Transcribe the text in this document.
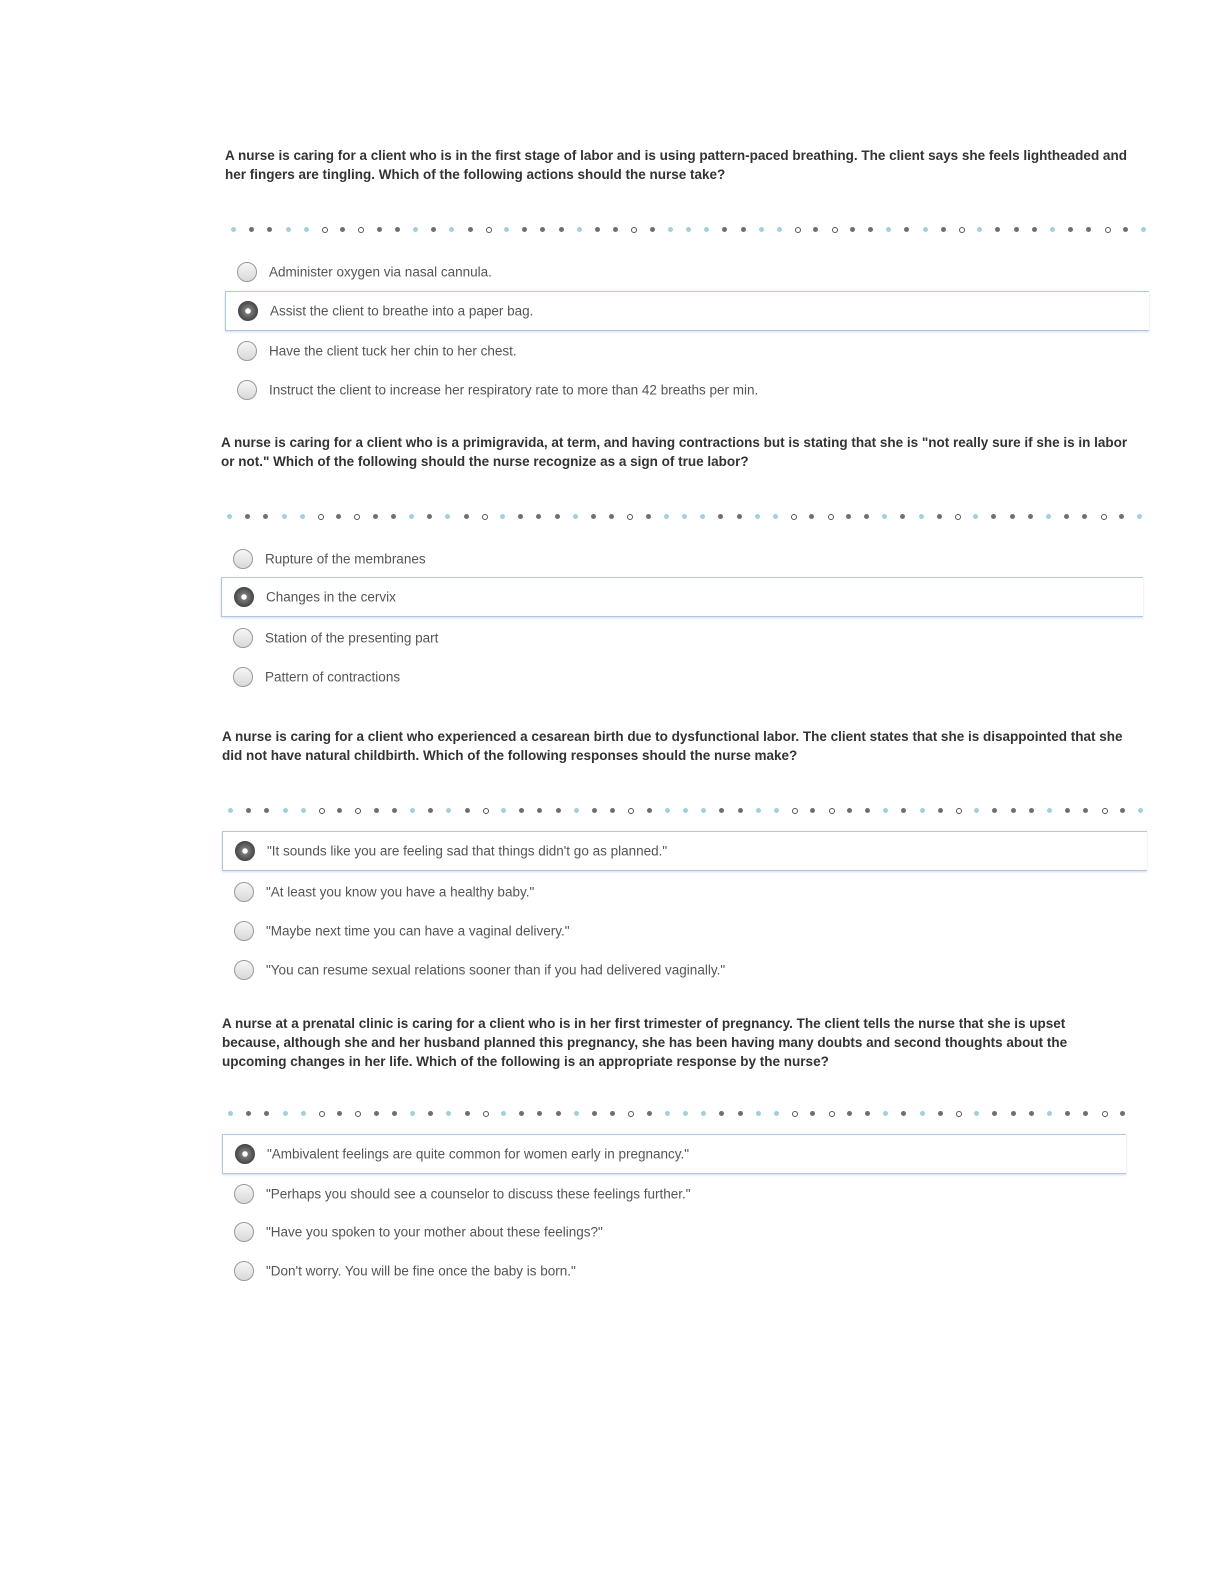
A nurse is caring for a client who is in the first stage of labor and is using pattern-paced breathing. The client says she feels lightheaded and her fingers are tingling. Which of the following actions should the nurse take?

Administer oxygen via nasal cannula.
Assist the client to breathe into a paper bag.
Have the client tuck her chin to her chest.
Instruct the client to increase her respiratory rate to more than 42 breaths per min.

A nurse is caring for a client who is a primigravida, at term, and having contractions but is stating that she is "not really sure if she is in labor or not." Which of the following should the nurse recognize as a sign of true labor?

Rupture of the membranes
Changes in the cervix
Station of the presenting part
Pattern of contractions

A nurse is caring for a client who experienced a cesarean birth due to dysfunctional labor. The client states that she is disappointed that she did not have natural childbirth. Which of the following responses should the nurse make?

"It sounds like you are feeling sad that things didn't go as planned."
"At least you know you have a healthy baby."
"Maybe next time you can have a vaginal delivery."
"You can resume sexual relations sooner than if you had delivered vaginally."

A nurse at a prenatal clinic is caring for a client who is in her first trimester of pregnancy. The client tells the nurse that she is upset because, although she and her husband planned this pregnancy, she has been having many doubts and second thoughts about the upcoming changes in her life. Which of the following is an appropriate response by the nurse?

"Ambivalent feelings are quite common for women early in pregnancy."
"Perhaps you should see a counselor to discuss these feelings further."
"Have you spoken to your mother about these feelings?"
"Don't worry. You will be fine once the baby is born."
